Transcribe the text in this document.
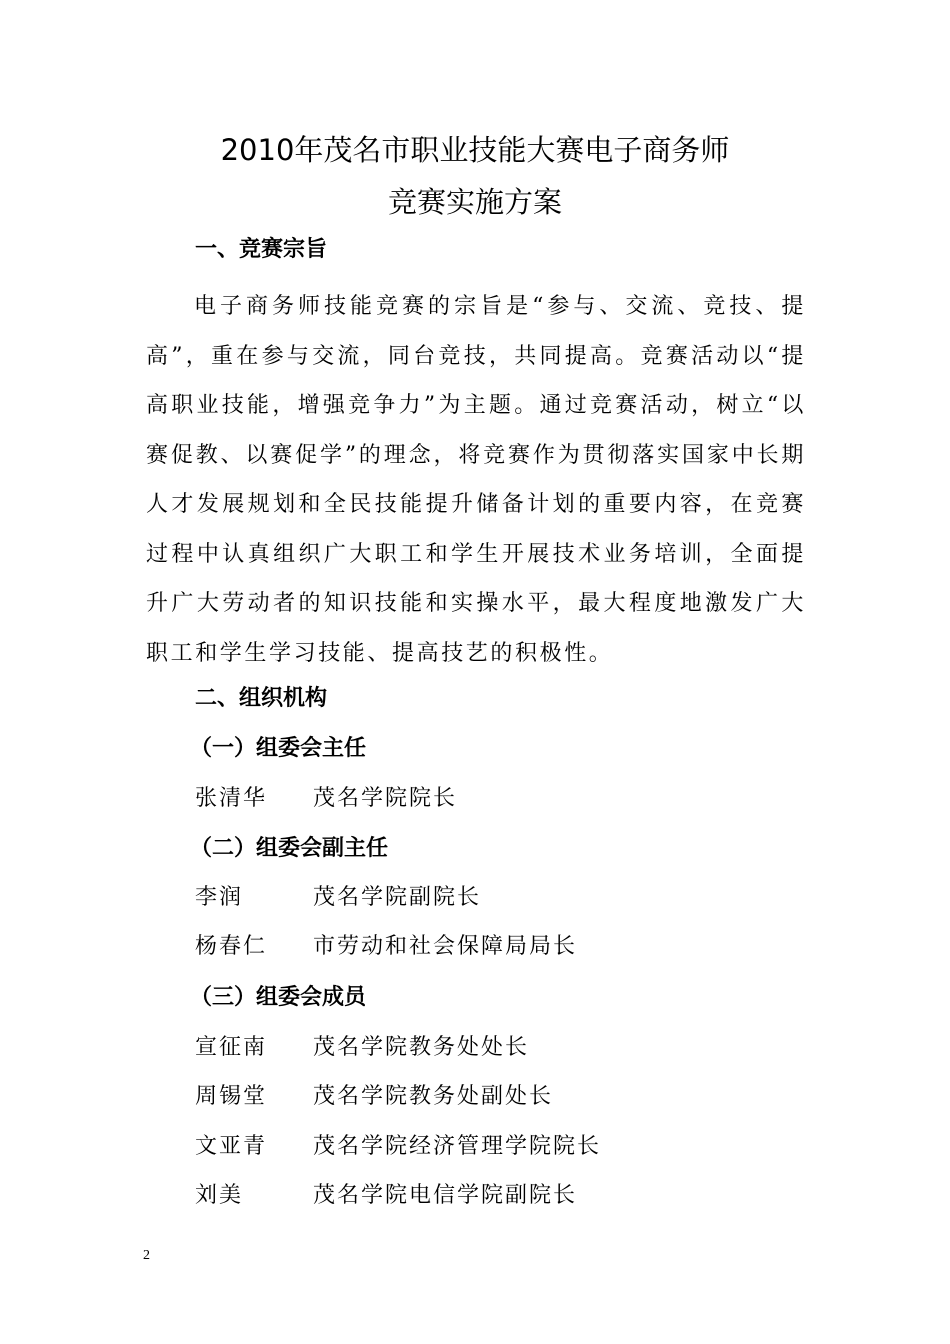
2010年茂名市职业技能大赛电子商务师
竞赛实施方案
一、竞赛宗旨

电子商务师技能竞赛的宗旨是“参与、交流、竞技、提高”，重在参与交流，同台竞技，共同提高。竞赛活动以“提高职业技能，增强竞争力”为主题。通过竞赛活动，树立“以赛促教、以赛促学”的理念，将竞赛作为贯彻落实国家中长期人才发展规划和全民技能提升储备计划的重要内容，在竞赛过程中认真组织广大职工和学生开展技术业务培训，全面提升广大劳动者的知识技能和实操水平，最大程度地激发广大职工和学生学习技能、提高技艺的积极性。

二、组织机构
（一）组委会主任
张清华 茂名学院院长
（二）组委会副主任
李润	茂名学院副院长
杨春仁 市劳动和社会保障局局长
（三）组委会成员
宣征南 茂名学院教务处处长
周锡堂 茂名学院教务处副处长
文亚青 茂名学院经济管理学院院长
刘美	茂名学院电信学院副院长
2
